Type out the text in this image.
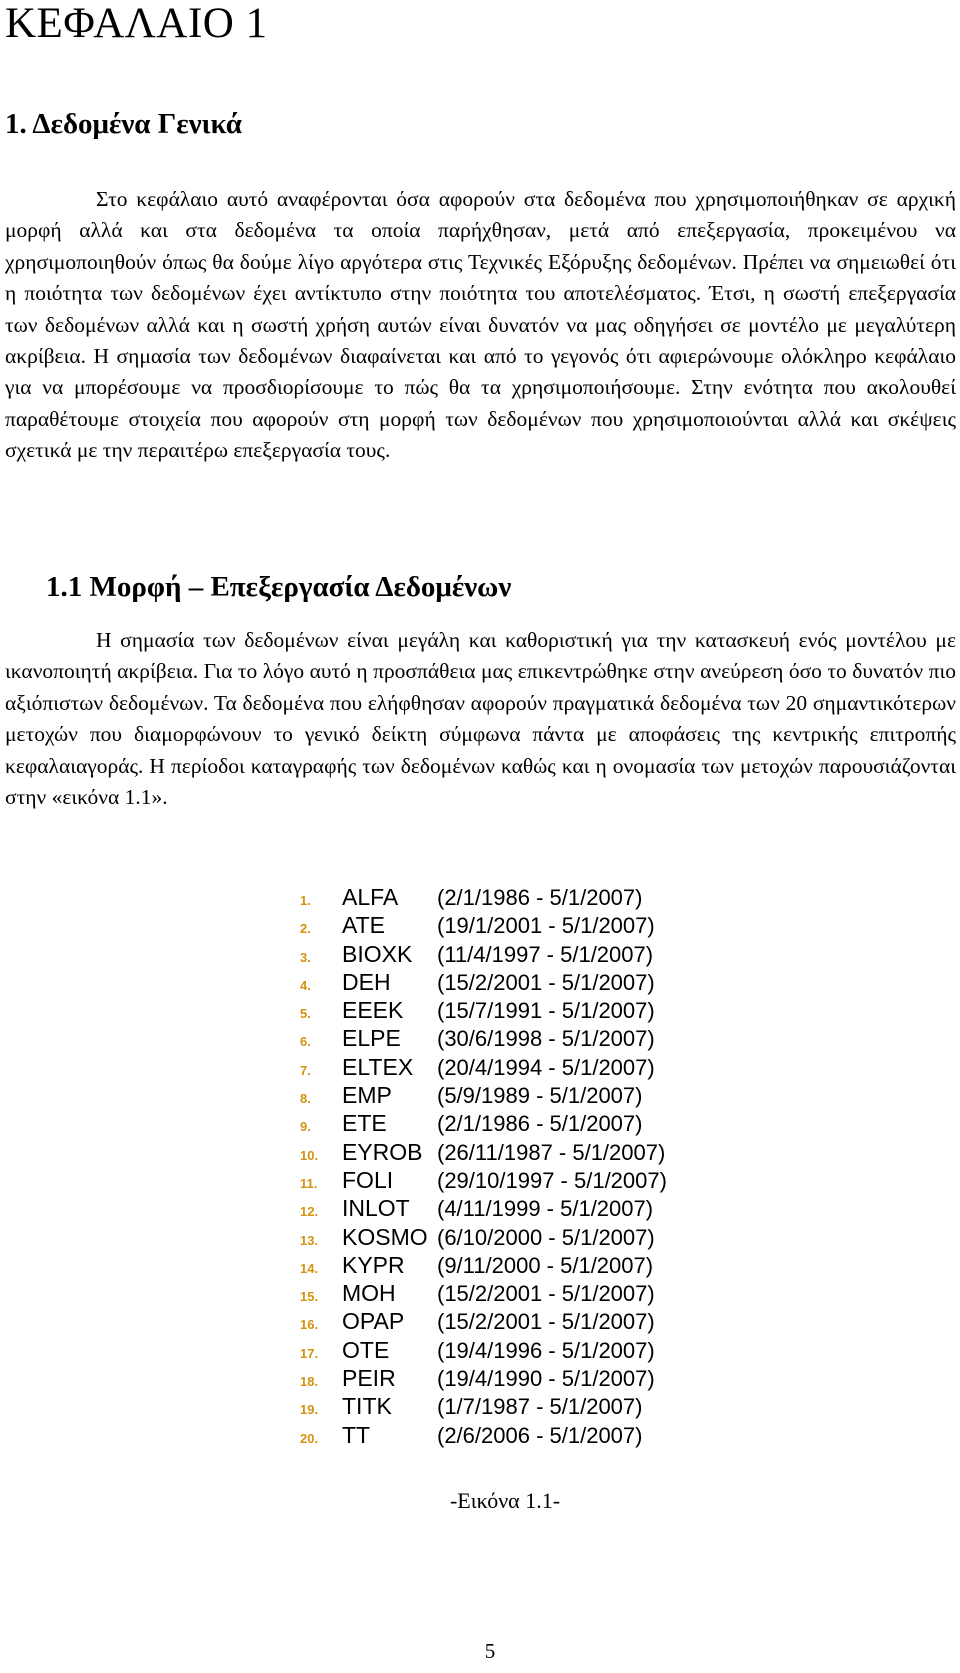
ΚΕΦΑΛΑΙΟ 1
1. Δεδομένα Γενικά

Στο κεφάλαιο αυτό αναφέρονται όσα αφορούν στα δεδομένα που χρησιμοποιήθηκαν σε αρχική μορφή αλλά και στα δεδομένα τα οποία παρήχθησαν, μετά από επεξεργασία, προκειμένου να χρησιμοποιηθούν όπως θα δούμε λίγο αργότερα στις Τεχνικές Εξόρυξης δεδομένων. Πρέπει να σημειωθεί ότι η ποιότητα των δεδομένων έχει αντίκτυπο στην ποιότητα του αποτελέσματος. Έτσι, η σωστή επεξεργασία των δεδομένων αλλά και η σωστή χρήση αυτών είναι δυνατόν να μας οδηγήσει σε μοντέλο με μεγαλύτερη ακρίβεια. Η σημασία των δεδομένων διαφαίνεται και από το γεγονός ότι αφιερώνουμε ολόκληρο κεφάλαιο για να μπορέσουμε να προσδιορίσουμε το πώς θα τα χρησιμοποιήσουμε. Στην ενότητα που ακολουθεί παραθέτουμε στοιχεία που αφορούν στη μορφή των δεδομένων που χρησιμοποιούνται αλλά και σκέψεις σχετικά με την περαιτέρω επεξεργασία τους.

1.1 Μορφή – Επεξεργασία Δεδομένων

Η σημασία των δεδομένων είναι μεγάλη και καθοριστική για την κατασκευή ενός μοντέλου με ικανοποιητή ακρίβεια. Για το λόγο αυτό η προσπάθεια μας επικεντρώθηκε στην ανεύρεση όσο το δυνατόν πιο αξιόπιστων δεδομένων. Τα δεδομένα που ελήφθησαν αφορούν πραγματικά δεδομένα των 20 σημαντικότερων μετοχών που διαμορφώνουν το γενικό δείκτη σύμφωνα πάντα με αποφάσεις της κεντρικής επιτροπής κεφαλαιαγοράς. Η περίοδοι καταγραφής των δεδομένων καθώς και η ονομασία των μετοχών παρουσιάζονται στην «εικόνα 1.1».

1.	ALFA	(2/1/1986 - 5/1/2007)
2.	ATE	(19/1/2001 - 5/1/2007)
3.	BIOXK	(11/4/1997 - 5/1/2007)
4.	DEH	(15/2/2001 - 5/1/2007)
5.	EEEK	(15/7/1991 - 5/1/2007)
6.	ELPE	(30/6/1998 - 5/1/2007)
7.	ELTEX	(20/4/1994 - 5/1/2007)
8.	EMP	(5/9/1989 - 5/1/2007)
9.	ETE	(2/1/1986 - 5/1/2007)
10.	EYROB (26/11/1987 - 5/1/2007)
11.	FOLI	(29/10/1997 - 5/1/2007)
12.	INLOT	(4/11/1999 - 5/1/2007)
13.	KOSMO (6/10/2000 - 5/1/2007)
14.	KYPR	(9/11/2000 - 5/1/2007)
15.	MOH	(15/2/2001 - 5/1/2007)
16.	OPAP	(15/2/2001 - 5/1/2007)
17.	OTE	(19/4/1996 - 5/1/2007)
18.	PEIR	(19/4/1990 - 5/1/2007)
19.	TITK	(1/7/1987 - 5/1/2007)
20.	TT	(2/6/2006 - 5/1/2007)

-Εικόνα 1.1-

5
